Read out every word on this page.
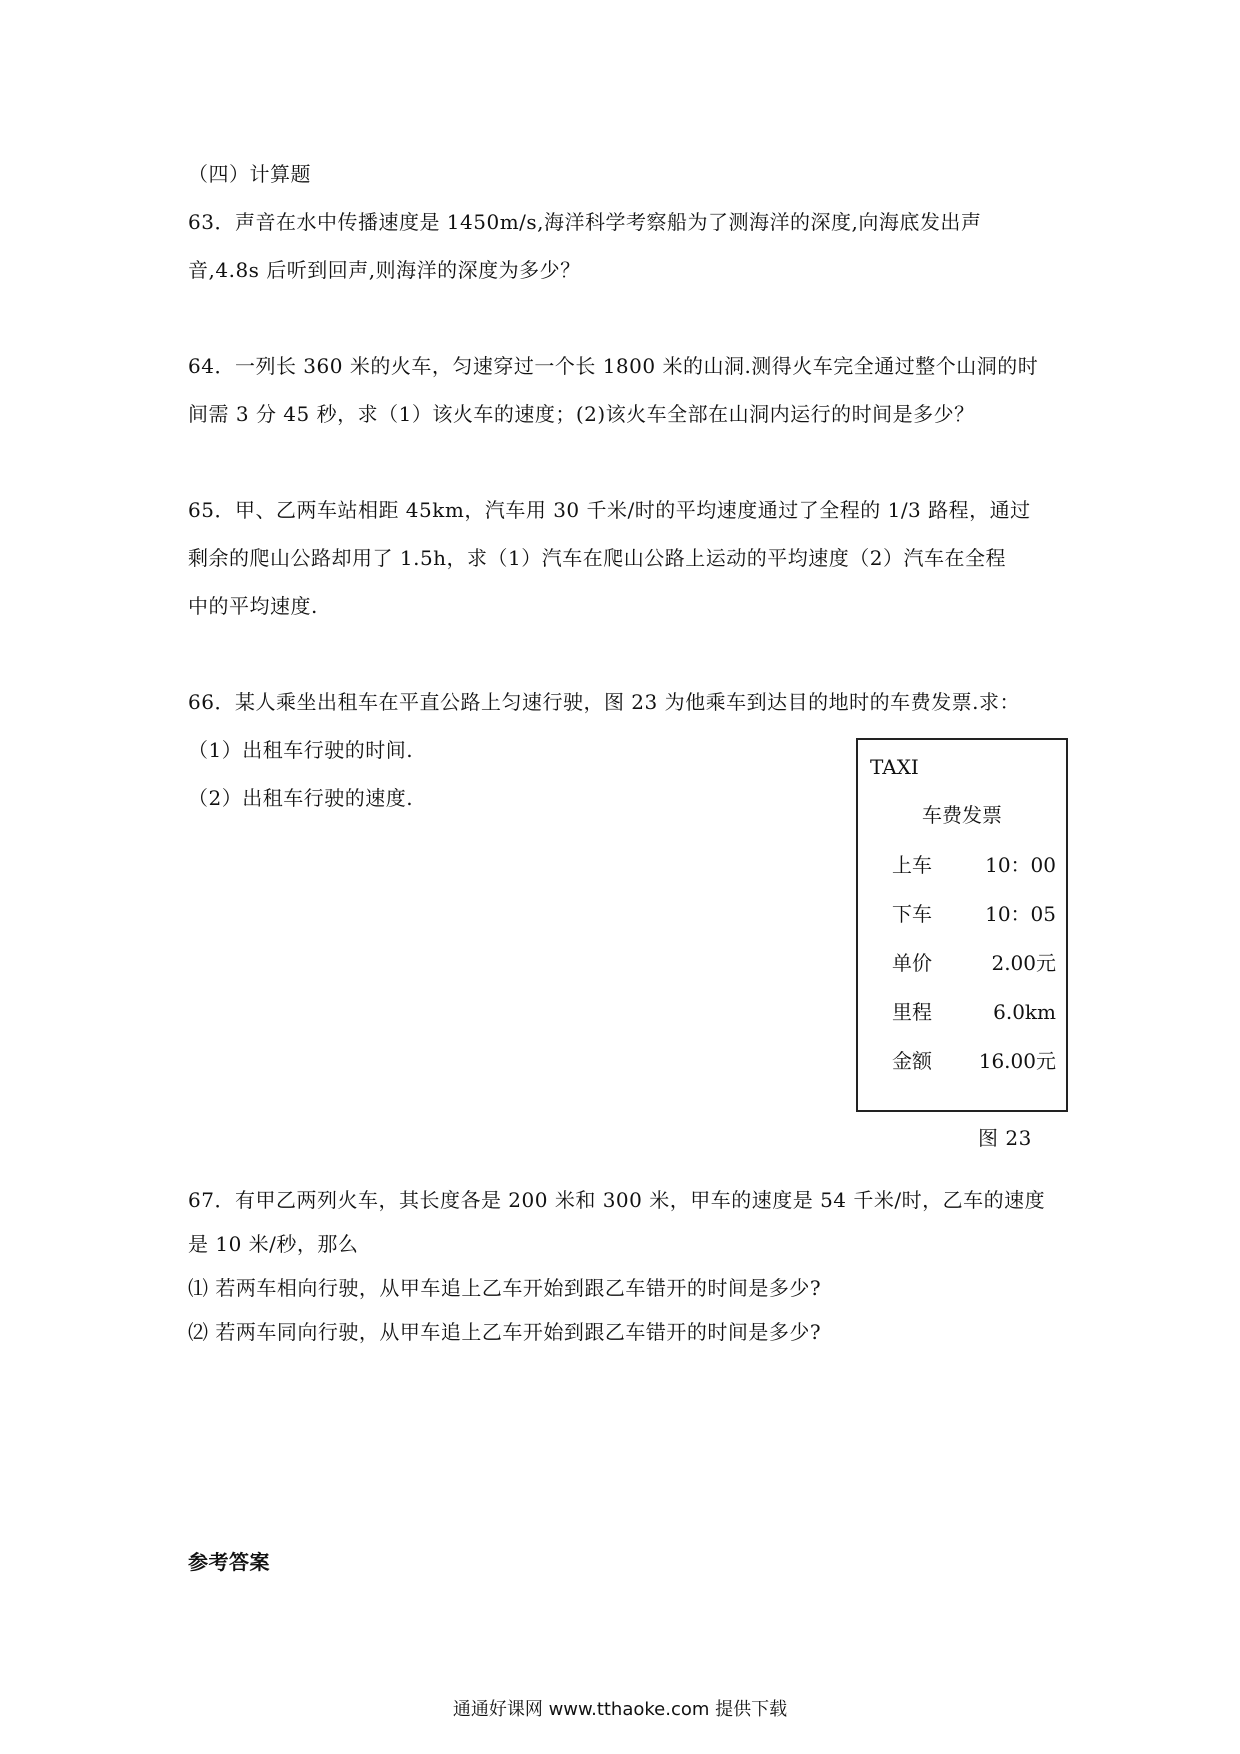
（四）计算题
63．声音在水中传播速度是 1450m/s,海洋科学考察船为了测海洋的深度,向海底发出声
音,4.8s 后听到回声,则海洋的深度为多少？
64．一列长 360 米的火车，匀速穿过一个长 1800 米的山洞.测得火车完全通过整个山洞的时
间需 3 分 45 秒，求（1）该火车的速度；(2)该火车全部在山洞内运行的时间是多少？
65．甲、乙两车站相距 45km，汽车用 30 千米/时的平均速度通过了全程的 1/3 路程，通过
剩余的爬山公路却用了 1.5h，求（1）汽车在爬山公路上运动的平均速度（2）汽车在全程
中的平均速度.
66．某人乘坐出租车在平直公路上匀速行驶，图 23 为他乘车到达目的地时的车费发票.求：
（1）出租车行驶的时间.
（2）出租车行驶的速度.
TAXI
车费发票
上车	10：00
下车	10：05
单价	2.00元
里程	6.0km
金额 16.00元
图 23
67．有甲乙两列火车，其长度各是 200 米和 300 米，甲车的速度是 54 千米/时，乙车的速度
是 10 米/秒，那么
⑴ 若两车相向行驶，从甲车追上乙车开始到跟乙车错开的时间是多少?
⑵ 若两车同向行驶，从甲车追上乙车开始到跟乙车错开的时间是多少?
参考答案
通通好课网 www.tthaoke.com 提供下载
